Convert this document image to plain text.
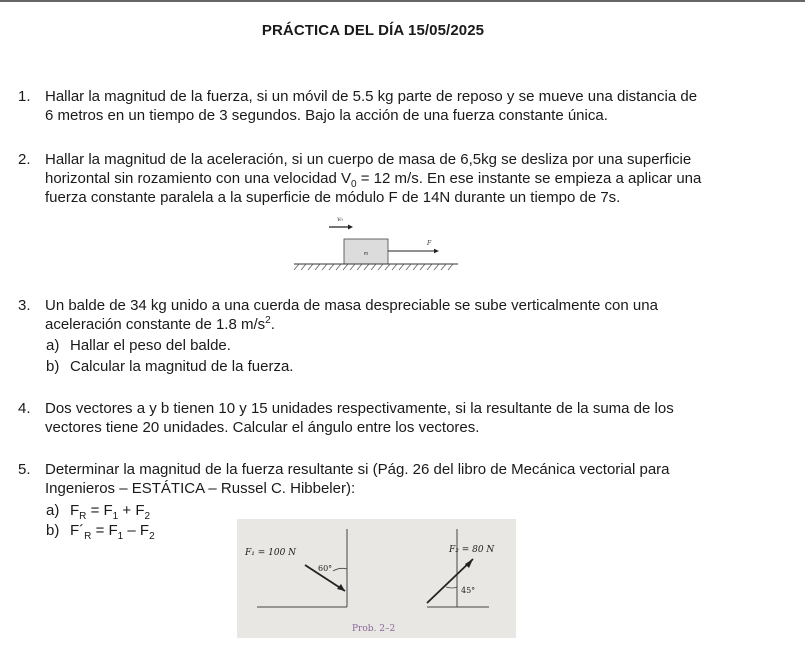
PRÁCTICA DEL DÍA 15/05/2025
1. Hallar la magnitud de la fuerza, si un móvil de 5.5 kg parte de reposo y se mueve una distancia de
6 metros en un tiempo de 3 segundos. Bajo la acción de una fuerza constante única.
2. Hallar la magnitud de la aceleración, si un cuerpo de masa de 6,5kg se desliza por una superficie
horizontal sin rozamiento con una velocidad $V_0 = 12$ m/s. En ese instante se empieza a aplicar una
fuerza constante paralela a la superficie de módulo F de 14N durante un tiempo de 7s.
v₀
m
F
3. Un balde de 34 kg unido a una cuerda de masa despreciable se sube verticalmente con una
aceleración constante de 1.8 $m/s^2$.
a) Hallar el peso del balde.
b) Calcular la magnitud de la fuerza.
4. Dos vectores a y b tienen 10 y 15 unidades respectivamente, si la resultante de la suma de los
vectores tiene 20 unidades. Calcular el ángulo entre los vectores.
5. Determinar la magnitud de la fuerza resultante si (Pág. 26 del libro de Mecánica vectorial para
Ingenieros – ESTÁTICA – Russel C. Hibbeler):
a) $F_R = F_1 + F_2$
b) $F´_R = F_1 - F_2$
F₁ = 100 N
60°
F₂ = 80 N
45°
Prob. 2–2
